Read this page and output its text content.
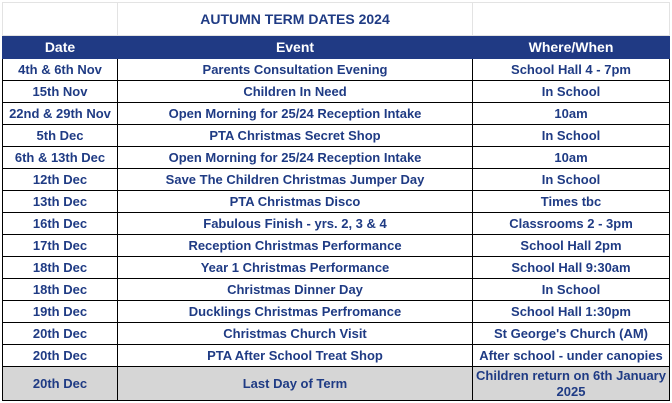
	AUTUMN TERM DATES 2024	
Date	Event	Where/When
4th & 6th Nov	Parents Consultation Evening	School Hall 4 - 7pm
15th Nov	Children In Need	In School
22nd & 29th Nov	Open Morning for 25/24 Reception Intake	10am
5th Dec	PTA Christmas Secret Shop	In School
6th & 13th Dec	Open Morning for 25/24 Reception Intake	10am
12th Dec	Save The Children Christmas Jumper Day	In School
13th Dec	PTA Christmas Disco	Times tbc
16th Dec	Fabulous Finish - yrs. 2, 3 & 4	Classrooms 2 - 3pm
17th Dec	Reception Christmas Performance	School Hall 2pm
18th Dec	Year 1 Christmas Performance	School Hall 9:30am
18th Dec	Christmas Dinner Day	In School
19th Dec	Ducklings Christmas Perfromance	School Hall 1:30pm
20th Dec	Christmas Church Visit	St George's Church (AM)
20th Dec	PTA After School Treat Shop	After school - under canopies
20th Dec	Last Day of Term	Children return on 6th January 2025
